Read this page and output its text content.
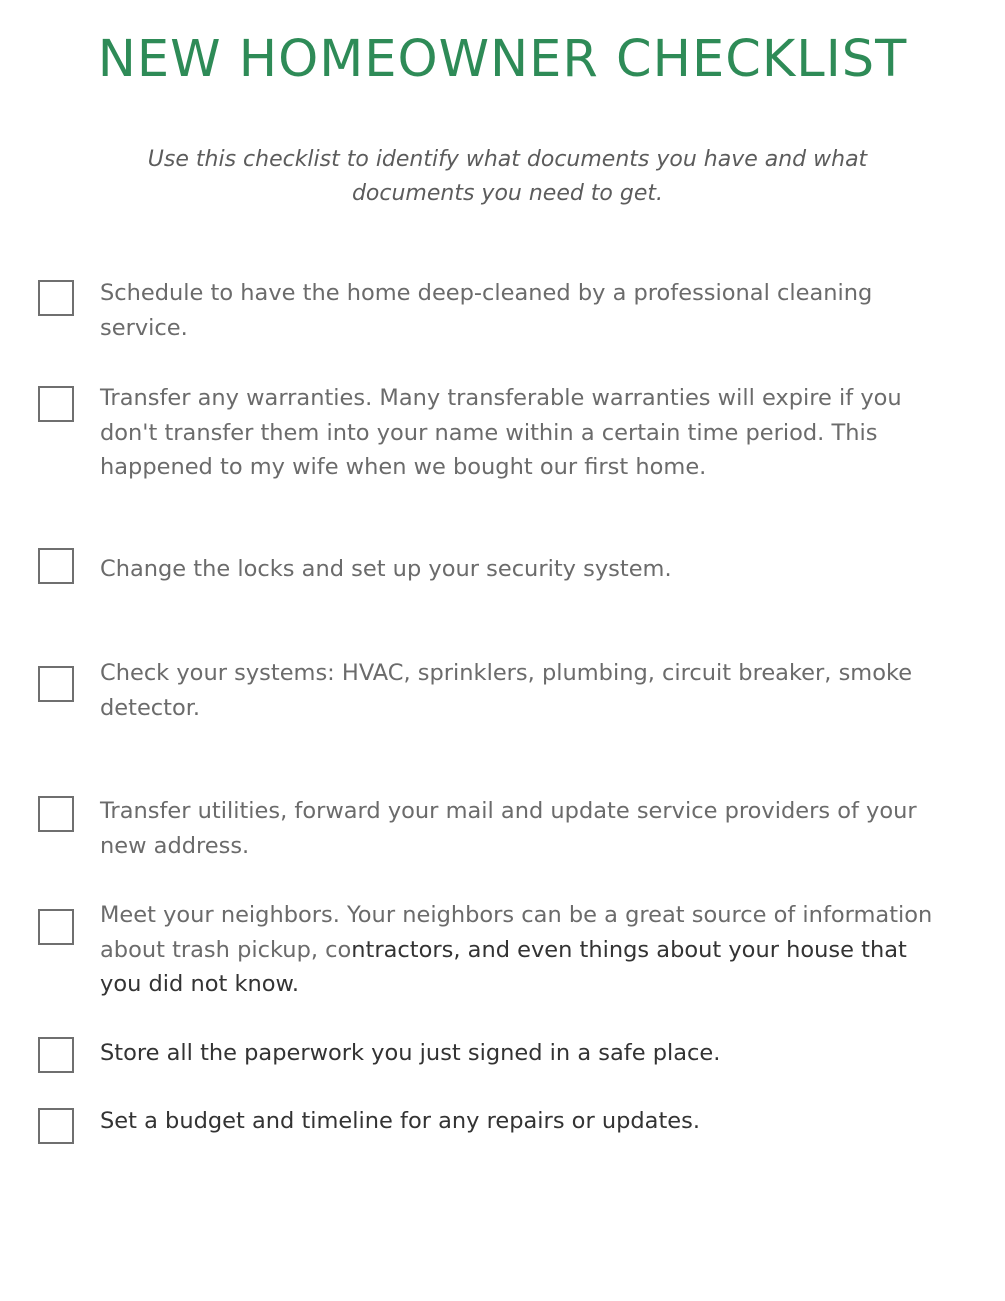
NEW HOMEOWNER CHECKLIST

Use this checklist to identify what documents you have and what documents you need to get.

Schedule to have the home deep-cleaned by a professional cleaning service.

Transfer any warranties. Many transferable warranties will expire if you don't transfer them into your name within a certain time period. This happened to my wife when we bought our first home.

Change the locks and set up your security system.

Check your systems: HVAC, sprinklers, plumbing, circuit breaker, smoke detector.

Transfer utilities, forward your mail and update service providers of your new address.

Meet your neighbors. Your neighbors can be a great source of information about trash pickup, contractors, and even things about your house that you did not know.

Store all the paperwork you just signed in a safe place.

Set a budget and timeline for any repairs or updates.
